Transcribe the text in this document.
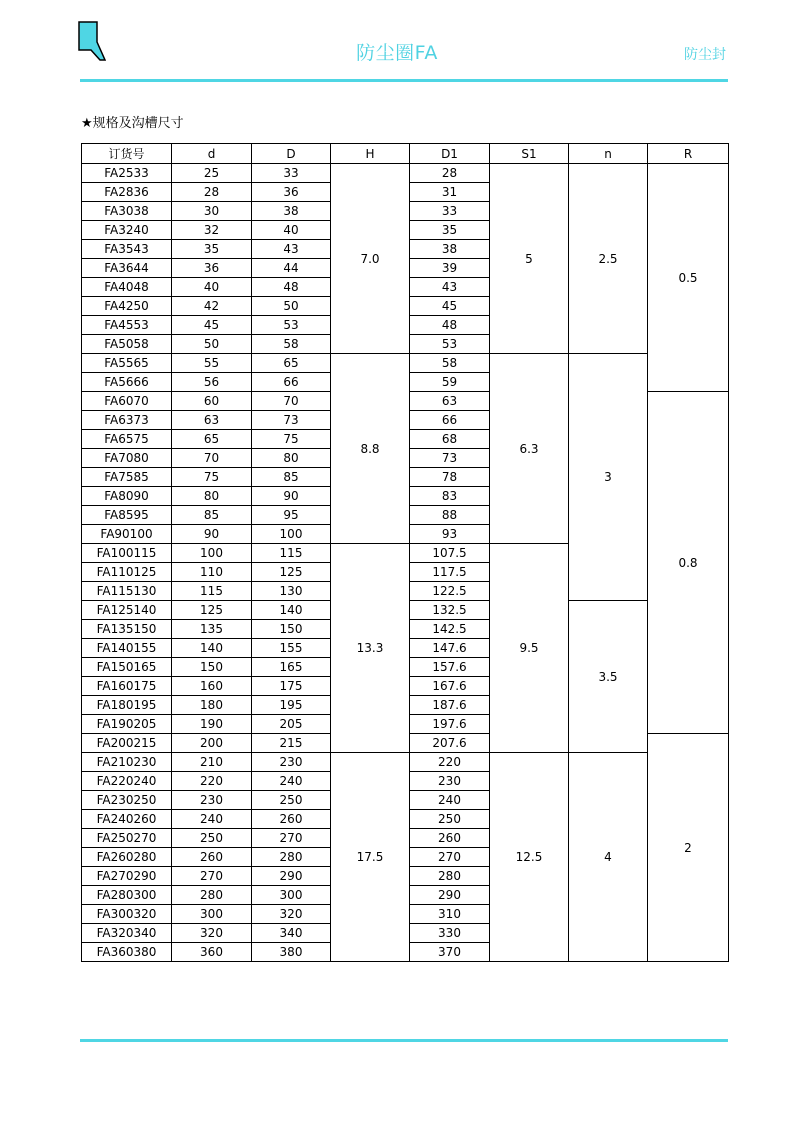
防尘圈FA	防尘封
★规格及沟槽尺寸
订货号	d	D	H	D1	S1	n	R
FA2533	25	33	7.0	28	5	2.5	0.5
FA2836	28	36		31			
FA3038	30	38		33			
FA3240	32	40		35			
FA3543	35	43		38			
FA3644	36	44		39			
FA4048	40	48		43			
FA4250	42	50		45			
FA4553	45	53		48			
FA5058	50	58		53			
FA5565	55	65	8.8	58	6.3	3	
FA5666	56	66		59			
FA6070	60	70		63			0.8
FA6373	63	73		66			
FA6575	65	75		68			
FA7080	70	80		73			
FA7585	75	85		78			
FA8090	80	90		83			
FA8595	85	95		88			
FA90100	90	100		93			
FA100115	100	115	13.3	107.5	9.5		
FA110125	110	125		117.5			
FA115130	115	130		122.5			
FA125140	125	140		132.5		3.5	
FA135150	135	150		142.5			
FA140155	140	155		147.6			
FA150165	150	165		157.6			
FA160175	160	175		167.6			
FA180195	180	195		187.6			
FA190205	190	205		197.6			
FA200215	200	215		207.6			2
FA210230	210	230	17.5	220	12.5	4	
FA220240	220	240		230			
FA230250	230	250		240			
FA240260	240	260		250			
FA250270	250	270		260			
FA260280	260	280		270			
FA270290	270	290		280			
FA280300	280	300		290			
FA300320	300	320		310			
FA320340	320	340		330			
FA360380	360	380		370			
